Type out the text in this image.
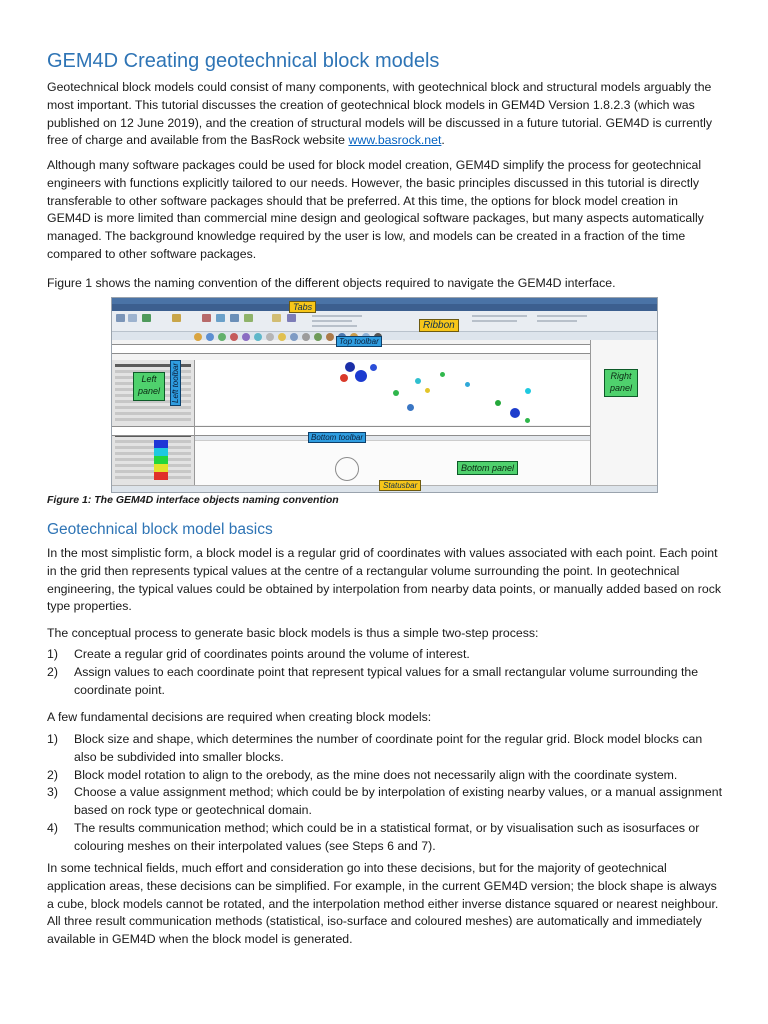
GEM4D Creating geotechnical block models

Geotechnical block models could consist of many components, with geotechnical block and structural models arguably the most important. This tutorial discusses the creation of geotechnical block models in GEM4D Version 1.8.2.3 (which was published on 12 June 2019), and the creation of structural models will be discussed in a future tutorial. GEM4D is currently free of charge and available from the BasRock website www.basrock.net.

Although many software packages could be used for block model creation, GEM4D simplify the process for geotechnical engineers with functions explicitly tailored to our needs. However, the basic principles discussed in this tutorial is directly transferable to other software packages should that be preferred. At this time, the options for block model creation in GEM4D is more limited than commercial mine design and geological software packages, but many aspects automatically managed. The background knowledge required by the user is low, and models can be created in a fraction of the time compared to other software packages.

Figure 1 shows the naming convention of the different objects required to navigate the GEM4D interface.

Figure 1: The GEM4D interface objects naming convention
Geotechnical block model basics

In the most simplistic form, a block model is a regular grid of coordinates with values associated with each point. Each point in the grid then represents typical values at the centre of a rectangular volume surrounding the point. In geotechnical engineering, the typical values could be obtained by interpolation from nearby data points, or manually added based on rock type properties.

The conceptual process to generate basic block models is thus a simple two-step process:

1) Create a regular grid of coordinates points around the volume of interest.
2) Assign values to each coordinate point that represent typical values for a small rectangular volume surrounding the coordinate point.

A few fundamental decisions are required when creating block models:

1) Block size and shape, which determines the number of coordinate point for the regular grid. Block model blocks can also be subdivided into smaller blocks.
2) Block model rotation to align to the orebody, as the mine does not necessarily align with the coordinate system.
3) Choose a value assignment method; which could be by interpolation of existing nearby values, or a manual assignment based on rock type or geotechnical domain.
4) The results communication method; which could be in a statistical format, or by visualisation such as isosurfaces or colouring meshes on their interpolated values (see Steps 6 and 7).

In some technical fields, much effort and consideration go into these decisions, but for the majority of geotechnical application areas, these decisions can be simplified. For example, in the current GEM4D version; the block shape is always a cube, block models cannot be rotated, and the interpolation method either inverse distance squared or nearest neighbour. All three result communication methods (statistical, iso-surface and coloured meshes) are automatically and immediately available in GEM4D when the block model is generated.

Tabs
Ribbon
Top toolbar
Left panel	Left toolbar	Right panel
Bottom toolbar
Bottom panel
Statusbar
